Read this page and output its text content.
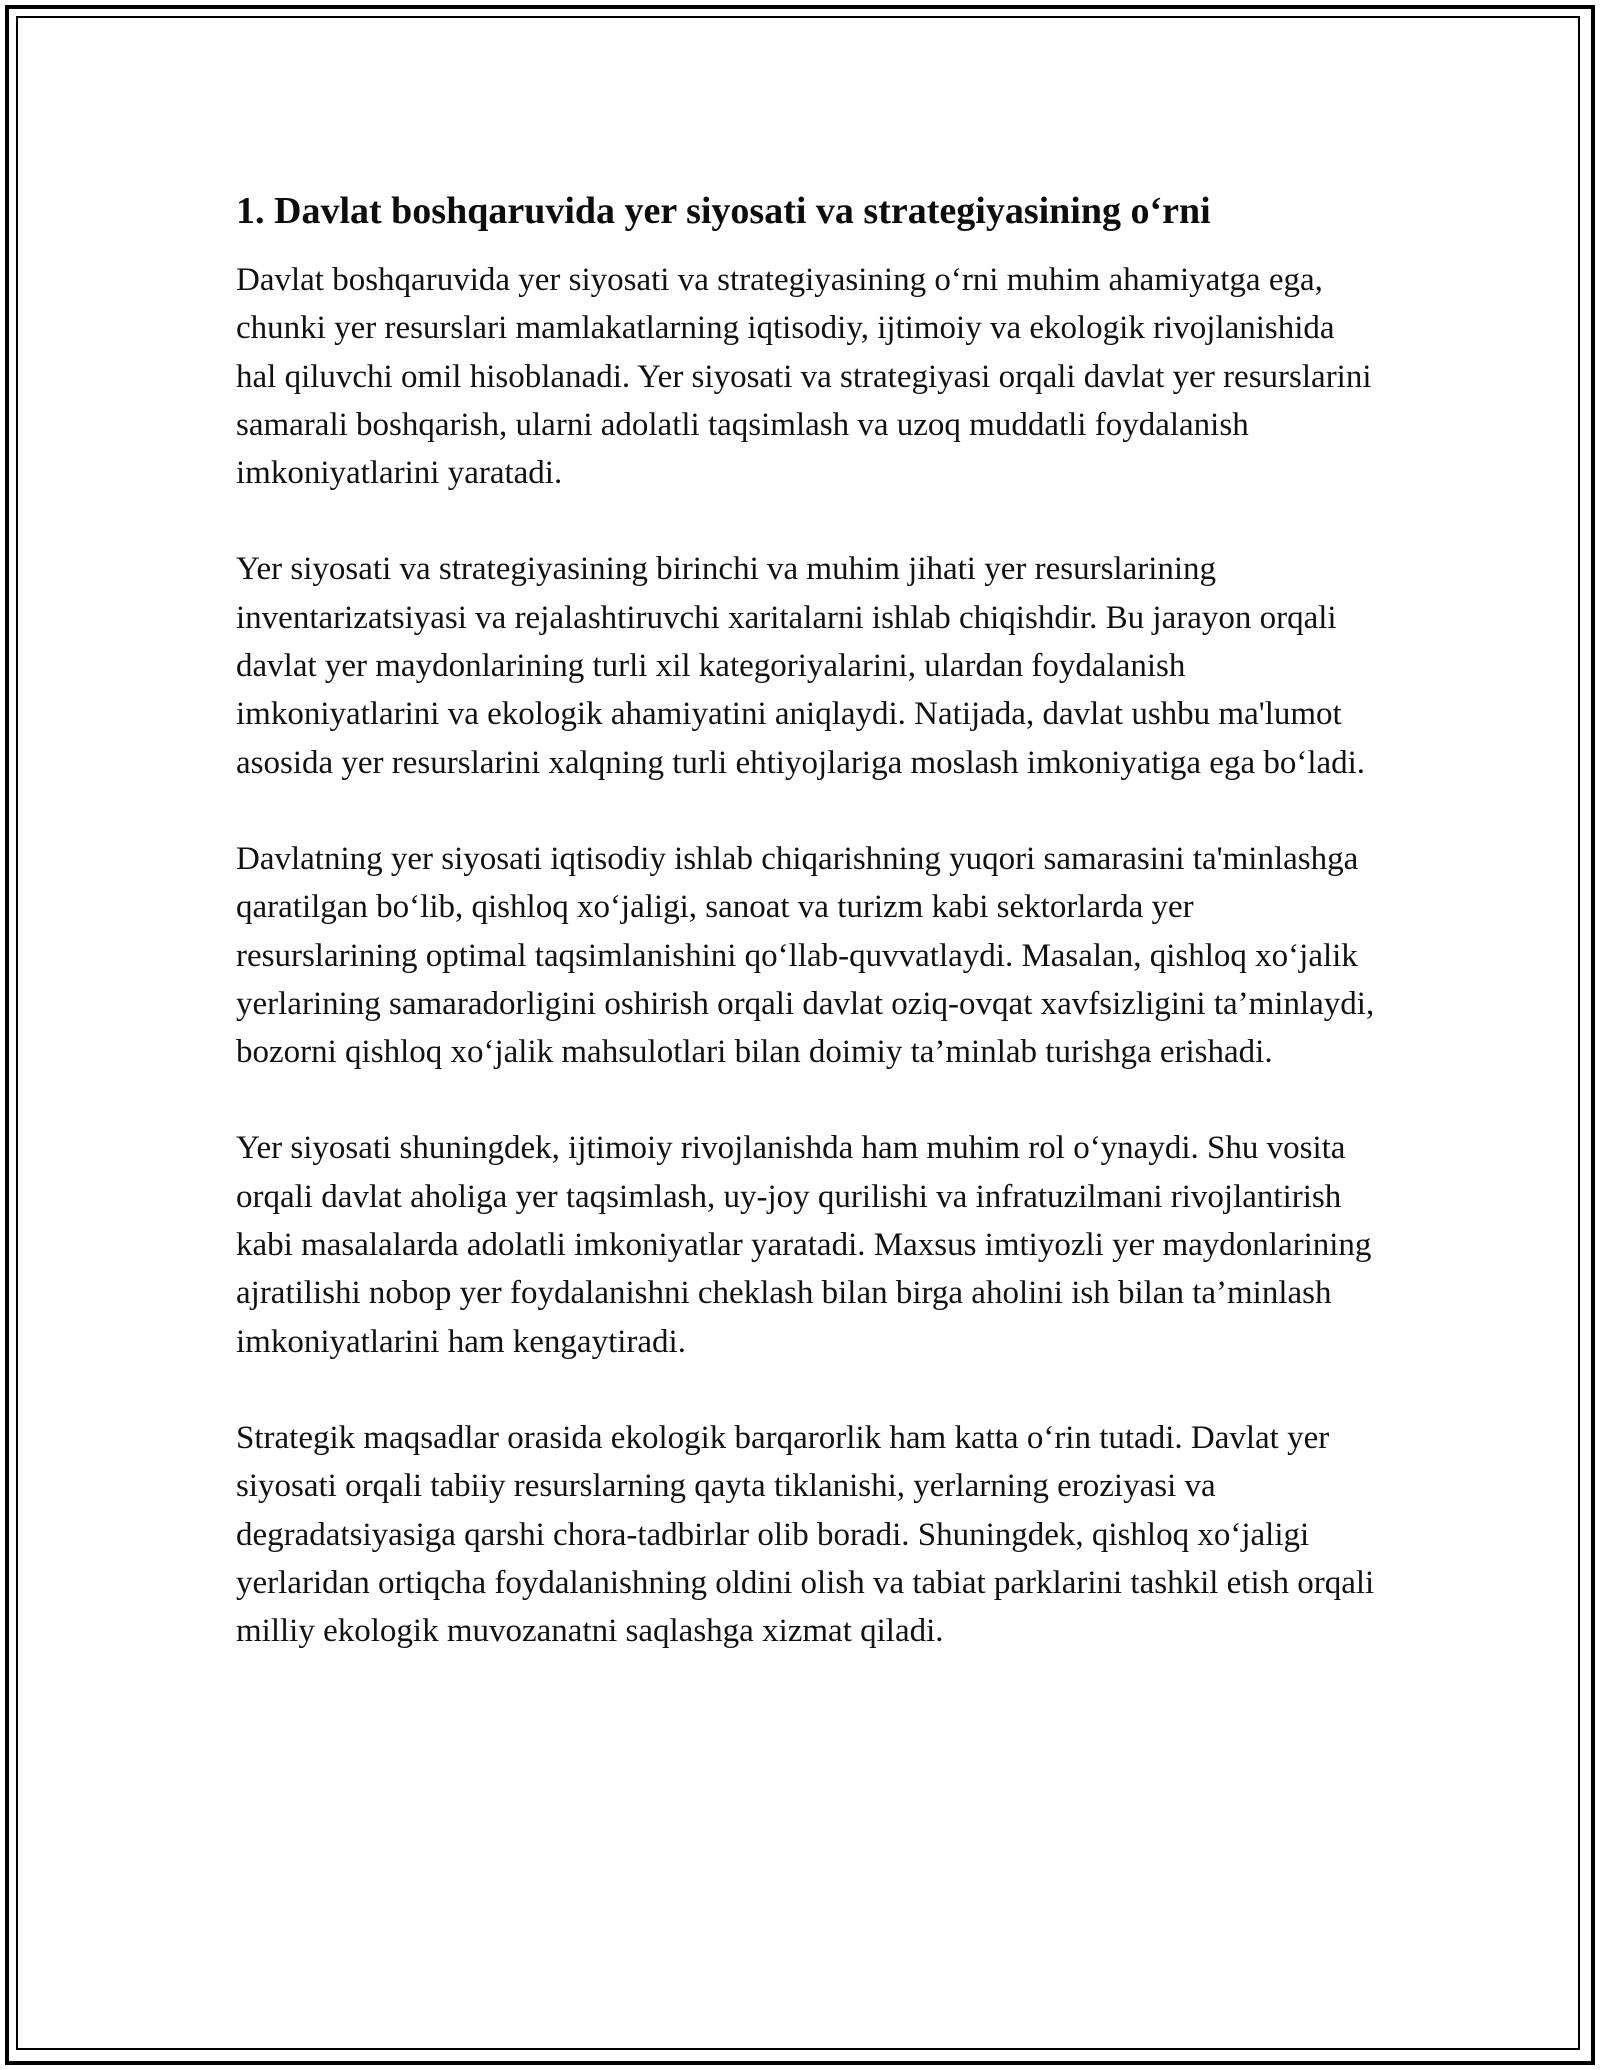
1. Davlat boshqaruvida yer siyosati va strategiyasining o‘rni

Davlat boshqaruvida yer siyosati va strategiyasining o‘rni muhim ahamiyatga ega, chunki yer resurslari mamlakatlarning iqtisodiy, ijtimoiy va ekologik rivojlanishida hal qiluvchi omil hisoblanadi. Yer siyosati va strategiyasi orqali davlat yer resurslarini samarali boshqarish, ularni adolatli taqsimlash va uzoq muddatli foydalanish imkoniyatlarini yaratadi.

Yer siyosati va strategiyasining birinchi va muhim jihati yer resurslarining inventarizatsiyasi va rejalashtiruvchi xaritalarni ishlab chiqishdir. Bu jarayon orqali davlat yer maydonlarining turli xil kategoriyalarini, ulardan foydalanish imkoniyatlarini va ekologik ahamiyatini aniqlaydi. Natijada, davlat ushbu ma'lumot asosida yer resurslarini xalqning turli ehtiyojlariga moslash imkoniyatiga ega bo‘ladi.

Davlatning yer siyosati iqtisodiy ishlab chiqarishning yuqori samarasini ta'minlashga qaratilgan bo‘lib, qishloq xo‘jaligi, sanoat va turizm kabi sektorlarda yer resurslarining optimal taqsimlanishini qo‘llab-quvvatlaydi. Masalan, qishloq xo‘jalik yerlarining samaradorligini oshirish orqali davlat oziq-ovqat xavfsizligini ta’minlaydi, bozorni qishloq xo‘jalik mahsulotlari bilan doimiy ta’minlab turishga erishadi.

Yer siyosati shuningdek, ijtimoiy rivojlanishda ham muhim rol o‘ynaydi. Shu vosita orqali davlat aholiga yer taqsimlash, uy-joy qurilishi va infratuzilmani rivojlantirish kabi masalalarda adolatli imkoniyatlar yaratadi. Maxsus imtiyozli yer maydonlarining ajratilishi nobop yer foydalanishni cheklash bilan birga aholini ish bilan ta’minlash imkoniyatlarini ham kengaytiradi.

Strategik maqsadlar orasida ekologik barqarorlik ham katta o‘rin tutadi. Davlat yer siyosati orqali tabiiy resurslarning qayta tiklanishi, yerlarning eroziyasi va degradatsiyasiga qarshi chora-tadbirlar olib boradi. Shuningdek, qishloq xo‘jaligi yerlaridan ortiqcha foydalanishning oldini olish va tabiat parklarini tashkil etish orqali milliy ekologik muvozanatni saqlashga xizmat qiladi.
